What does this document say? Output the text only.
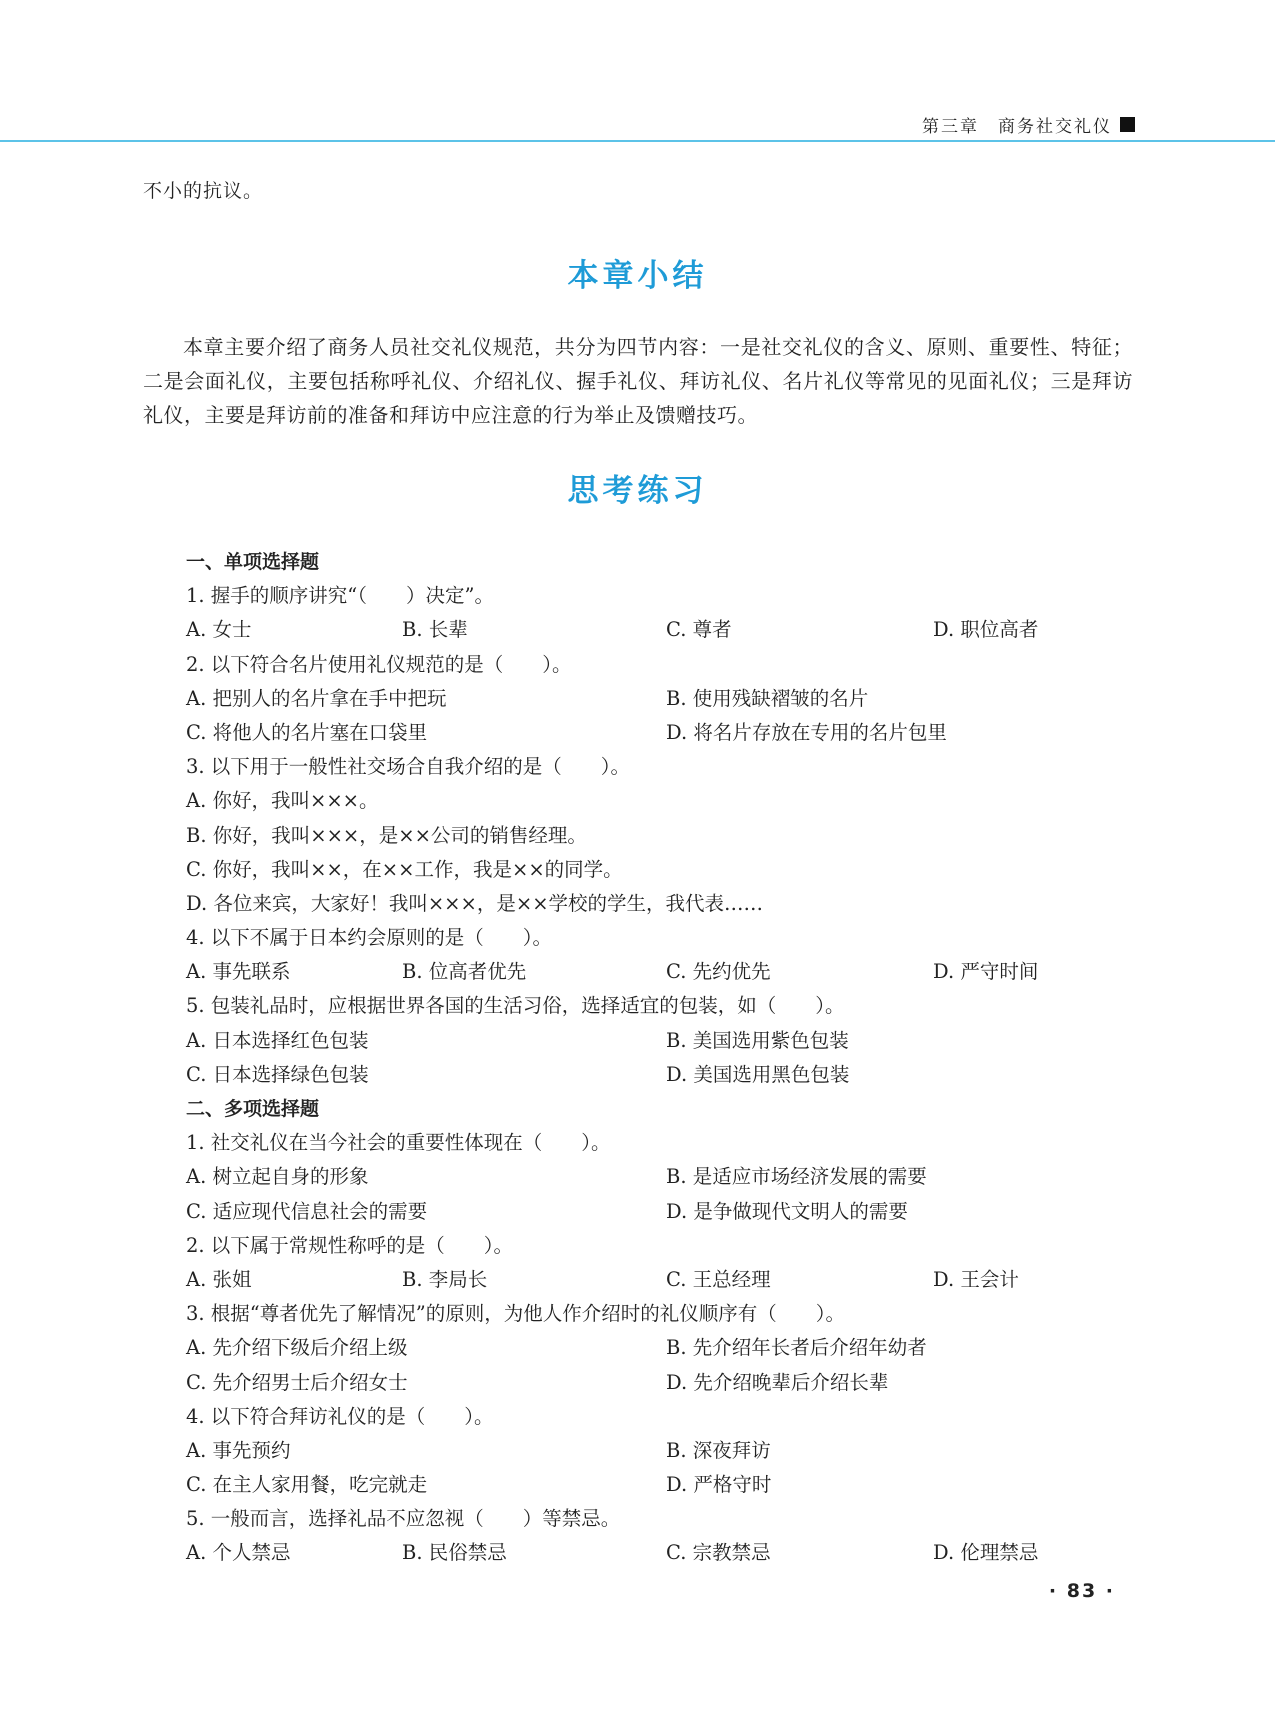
第三章　商务社交礼仪
不小的抗议。
本章小结

本章主要介绍了商务人员社交礼仪规范，共分为四节内容：一是社交礼仪的含义、原则、重要性、特征；二是会面礼仪，主要包括称呼礼仪、介绍礼仪、握手礼仪、拜访礼仪、名片礼仪等常见的见面礼仪；三是拜访礼仪，主要是拜访前的准备和拜访中应注意的行为举止及馈赠技巧。

思考练习
一、单项选择题
1. 握手的顺序讲究“（　　）决定”。
A. 女士	B. 长辈	C. 尊者	D. 职位高者
2. 以下符合名片使用礼仪规范的是（　　）。
A. 把别人的名片拿在手中把玩	B. 使用残缺褶皱的名片
C. 将他人的名片塞在口袋里	D. 将名片存放在专用的名片包里
3. 以下用于一般性社交场合自我介绍的是（　　）。
A. 你好，我叫×××。
B. 你好，我叫×××，是××公司的销售经理。
C. 你好，我叫××，在××工作，我是××的同学。
D. 各位来宾，大家好！我叫×××，是××学校的学生，我代表……
4. 以下不属于日本约会原则的是（　　）。
A. 事先联系	B. 位高者优先	C. 先约优先	D. 严守时间
5. 包装礼品时，应根据世界各国的生活习俗，选择适宜的包装，如（　　）。
A. 日本选择红色包装	B. 美国选用紫色包装
C. 日本选择绿色包装	D. 美国选用黑色包装
二、多项选择题
1. 社交礼仪在当今社会的重要性体现在（　　）。
A. 树立起自身的形象	B. 是适应市场经济发展的需要
C. 适应现代信息社会的需要	D. 是争做现代文明人的需要
2. 以下属于常规性称呼的是（　　）。
A. 张姐	B. 李局长	C. 王总经理	D. 王会计
3. 根据“尊者优先了解情况”的原则，为他人作介绍时的礼仪顺序有（　　）。
A. 先介绍下级后介绍上级	B. 先介绍年长者后介绍年幼者
C. 先介绍男士后介绍女士	D. 先介绍晚辈后介绍长辈
4. 以下符合拜访礼仪的是（　　）。
A. 事先预约	B. 深夜拜访
C. 在主人家用餐，吃完就走	D. 严格守时
5. 一般而言，选择礼品不应忽视（　　）等禁忌。
A. 个人禁忌	B. 民俗禁忌	C. 宗教禁忌	D. 伦理禁忌
· 83 ·
